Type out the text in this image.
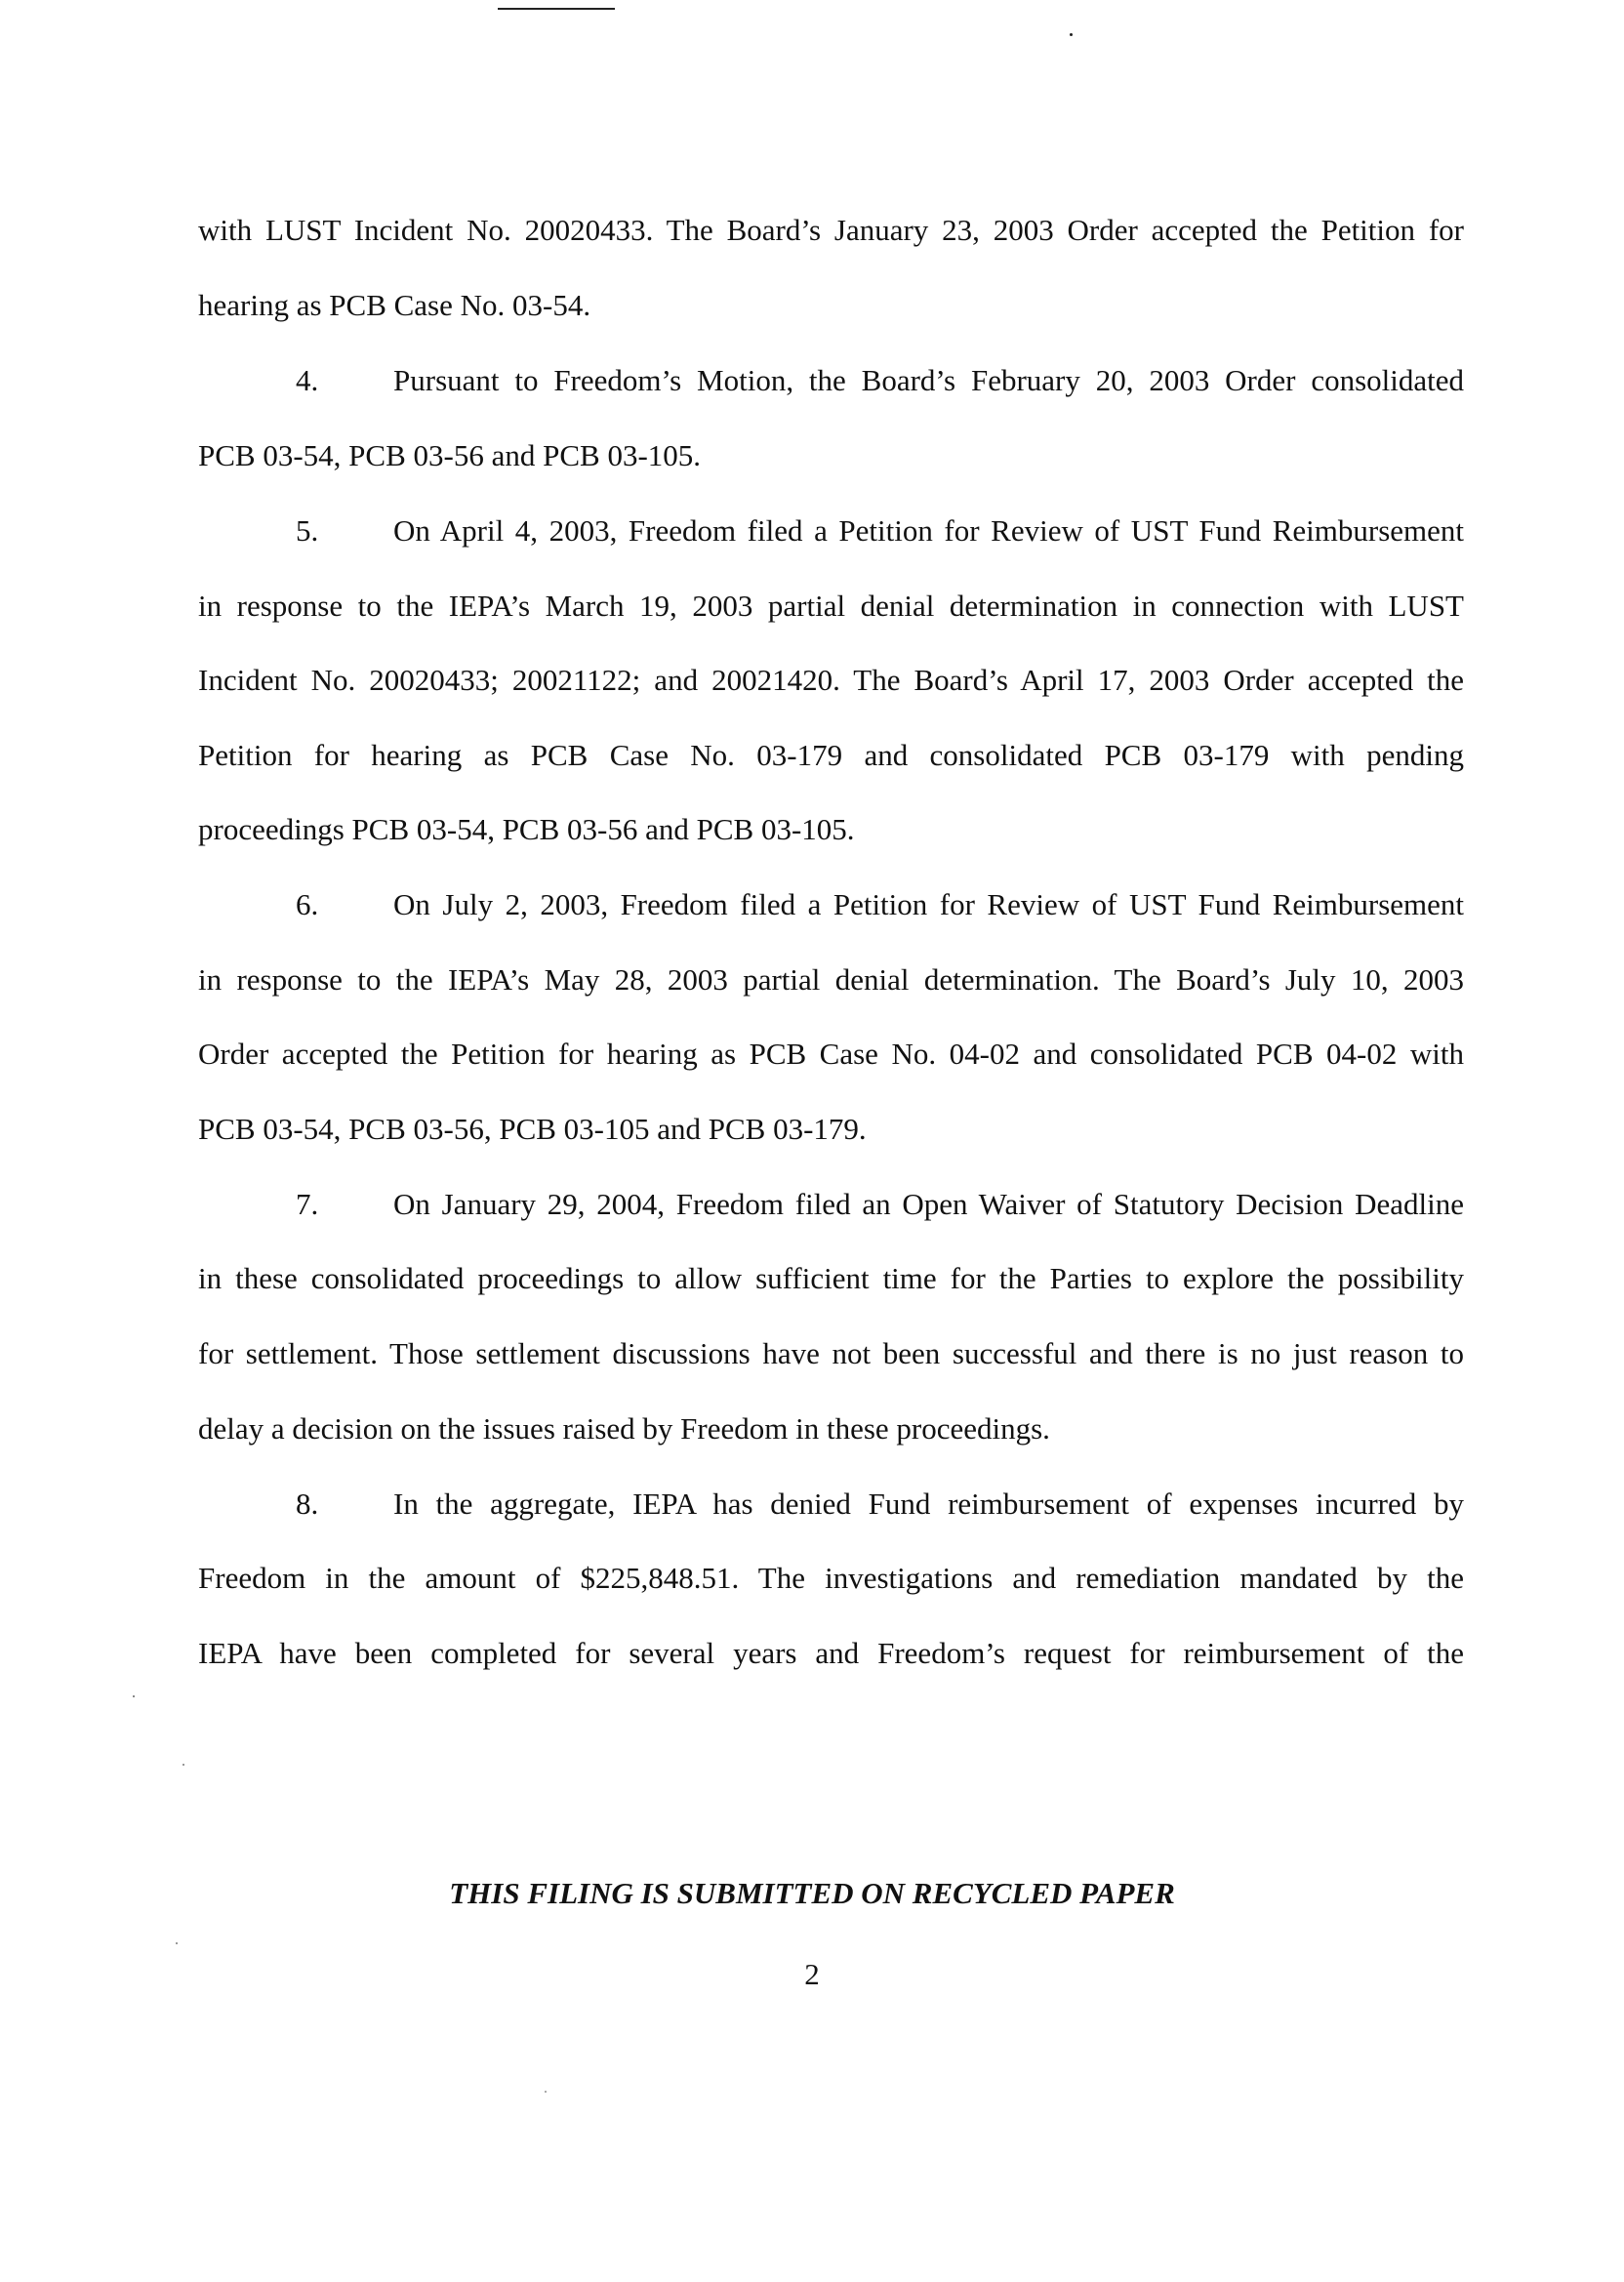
with LUST Incident No. 20020433. The Board’s January 23, 2003 Order accepted the Petition for
hearing as PCB Case No. 03-54.
4. Pursuant to Freedom’s Motion, the Board’s February 20, 2003 Order consolidated
PCB 03-54, PCB 03-56 and PCB 03-105.
5. On April 4, 2003, Freedom filed a Petition for Review of UST Fund Reimbursement
in response to the IEPA’s March 19, 2003 partial denial determination in connection with LUST
Incident No. 20020433; 20021122; and 20021420. The Board’s April 17, 2003 Order accepted the
Petition for hearing as PCB Case No. 03-179 and consolidated PCB 03-179 with pending
proceedings PCB 03-54, PCB 03-56 and PCB 03-105.
6. On July 2, 2003, Freedom filed a Petition for Review of UST Fund Reimbursement
in response to the IEPA’s May 28, 2003 partial denial determination. The Board’s July 10, 2003
Order accepted the Petition for hearing as PCB Case No. 04-02 and consolidated PCB 04-02 with
PCB 03-54, PCB 03-56, PCB 03-105 and PCB 03-179.
7. On January 29, 2004, Freedom filed an Open Waiver of Statutory Decision Deadline
in these consolidated proceedings to allow sufficient time for the Parties to explore the possibility
for settlement. Those settlement discussions have not been successful and there is no just reason to
delay a decision on the issues raised by Freedom in these proceedings.
8. In the aggregate, IEPA has denied Fund reimbursement of expenses incurred by
Freedom in the amount of $225,848.51. The investigations and remediation mandated by the
IEPA have been completed for several years and Freedom’s request for reimbursement of the
THIS FILING IS SUBMITTED ON RECYCLED PAPER
2
